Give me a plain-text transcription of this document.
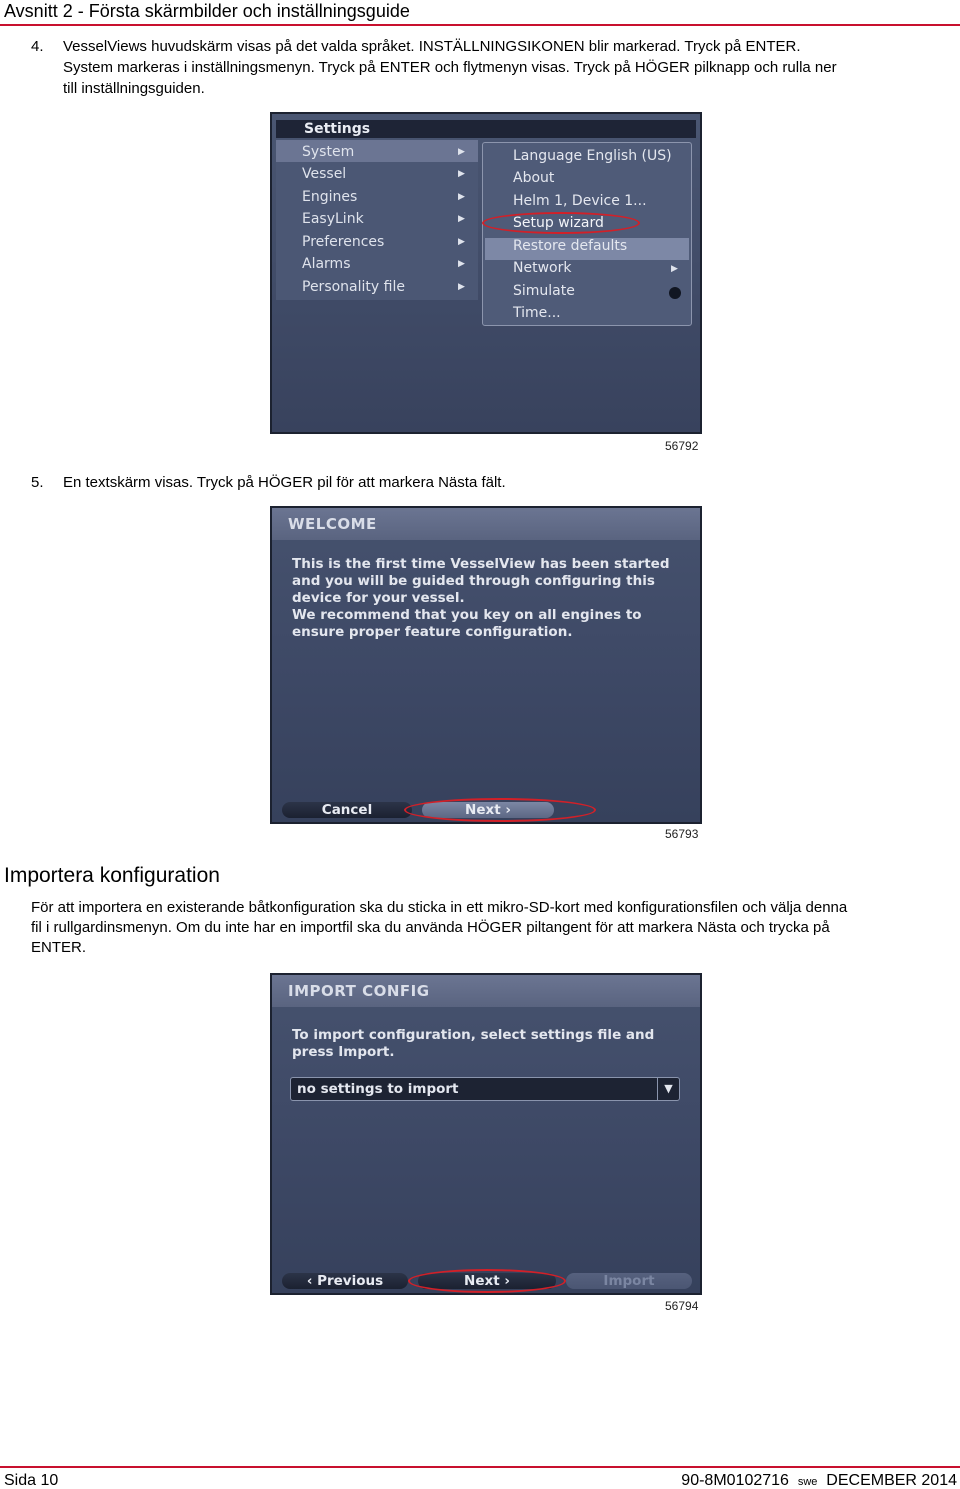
Avsnitt 2 - Första skärmbilder och inställningsguide
4. VesselViews huvudskärm visas på det valda språket. INSTÄLLNINGSIKONEN blir markerad. Tryck på ENTER.
System markeras i inställningsmenyn. Tryck på ENTER och flytmenyn visas. Tryck på HÖGER pilknapp och rulla ner
till inställningsguiden.
Settings
System	▶
Vessel	▶
Engines	▶
EasyLink	▶
Preferences	▶
Alarms	▶
Personality file	▶
Language English (US)
About
Helm 1, Device 1...
Setup wizard
Restore defaults
Network	▶
Simulate
Time...
56792
5. En textskärm visas. Tryck på HÖGER pil för att markera Nästa fält.
WELCOME
This is the first time VesselView has been started
and you will be guided through configuring this
device for your vessel.
We recommend that you key on all engines to
ensure proper feature configuration.
Cancel	Next ›
56793
Importera konfiguration
För att importera en existerande båtkonfiguration ska du sticka in ett mikro-SD-kort med konfigurationsfilen och välja denna
fil i rullgardinsmenyn. Om du inte har en importfil ska du använda HÖGER piltangent för att markera Nästa och trycka på
ENTER.
IMPORT CONFIG
To import configuration, select settings file and
press Import.
no settings to import	▼
‹ Previous	Next ›	Import
56794
Sida 10	90-8M0102716 swe DECEMBER 2014
